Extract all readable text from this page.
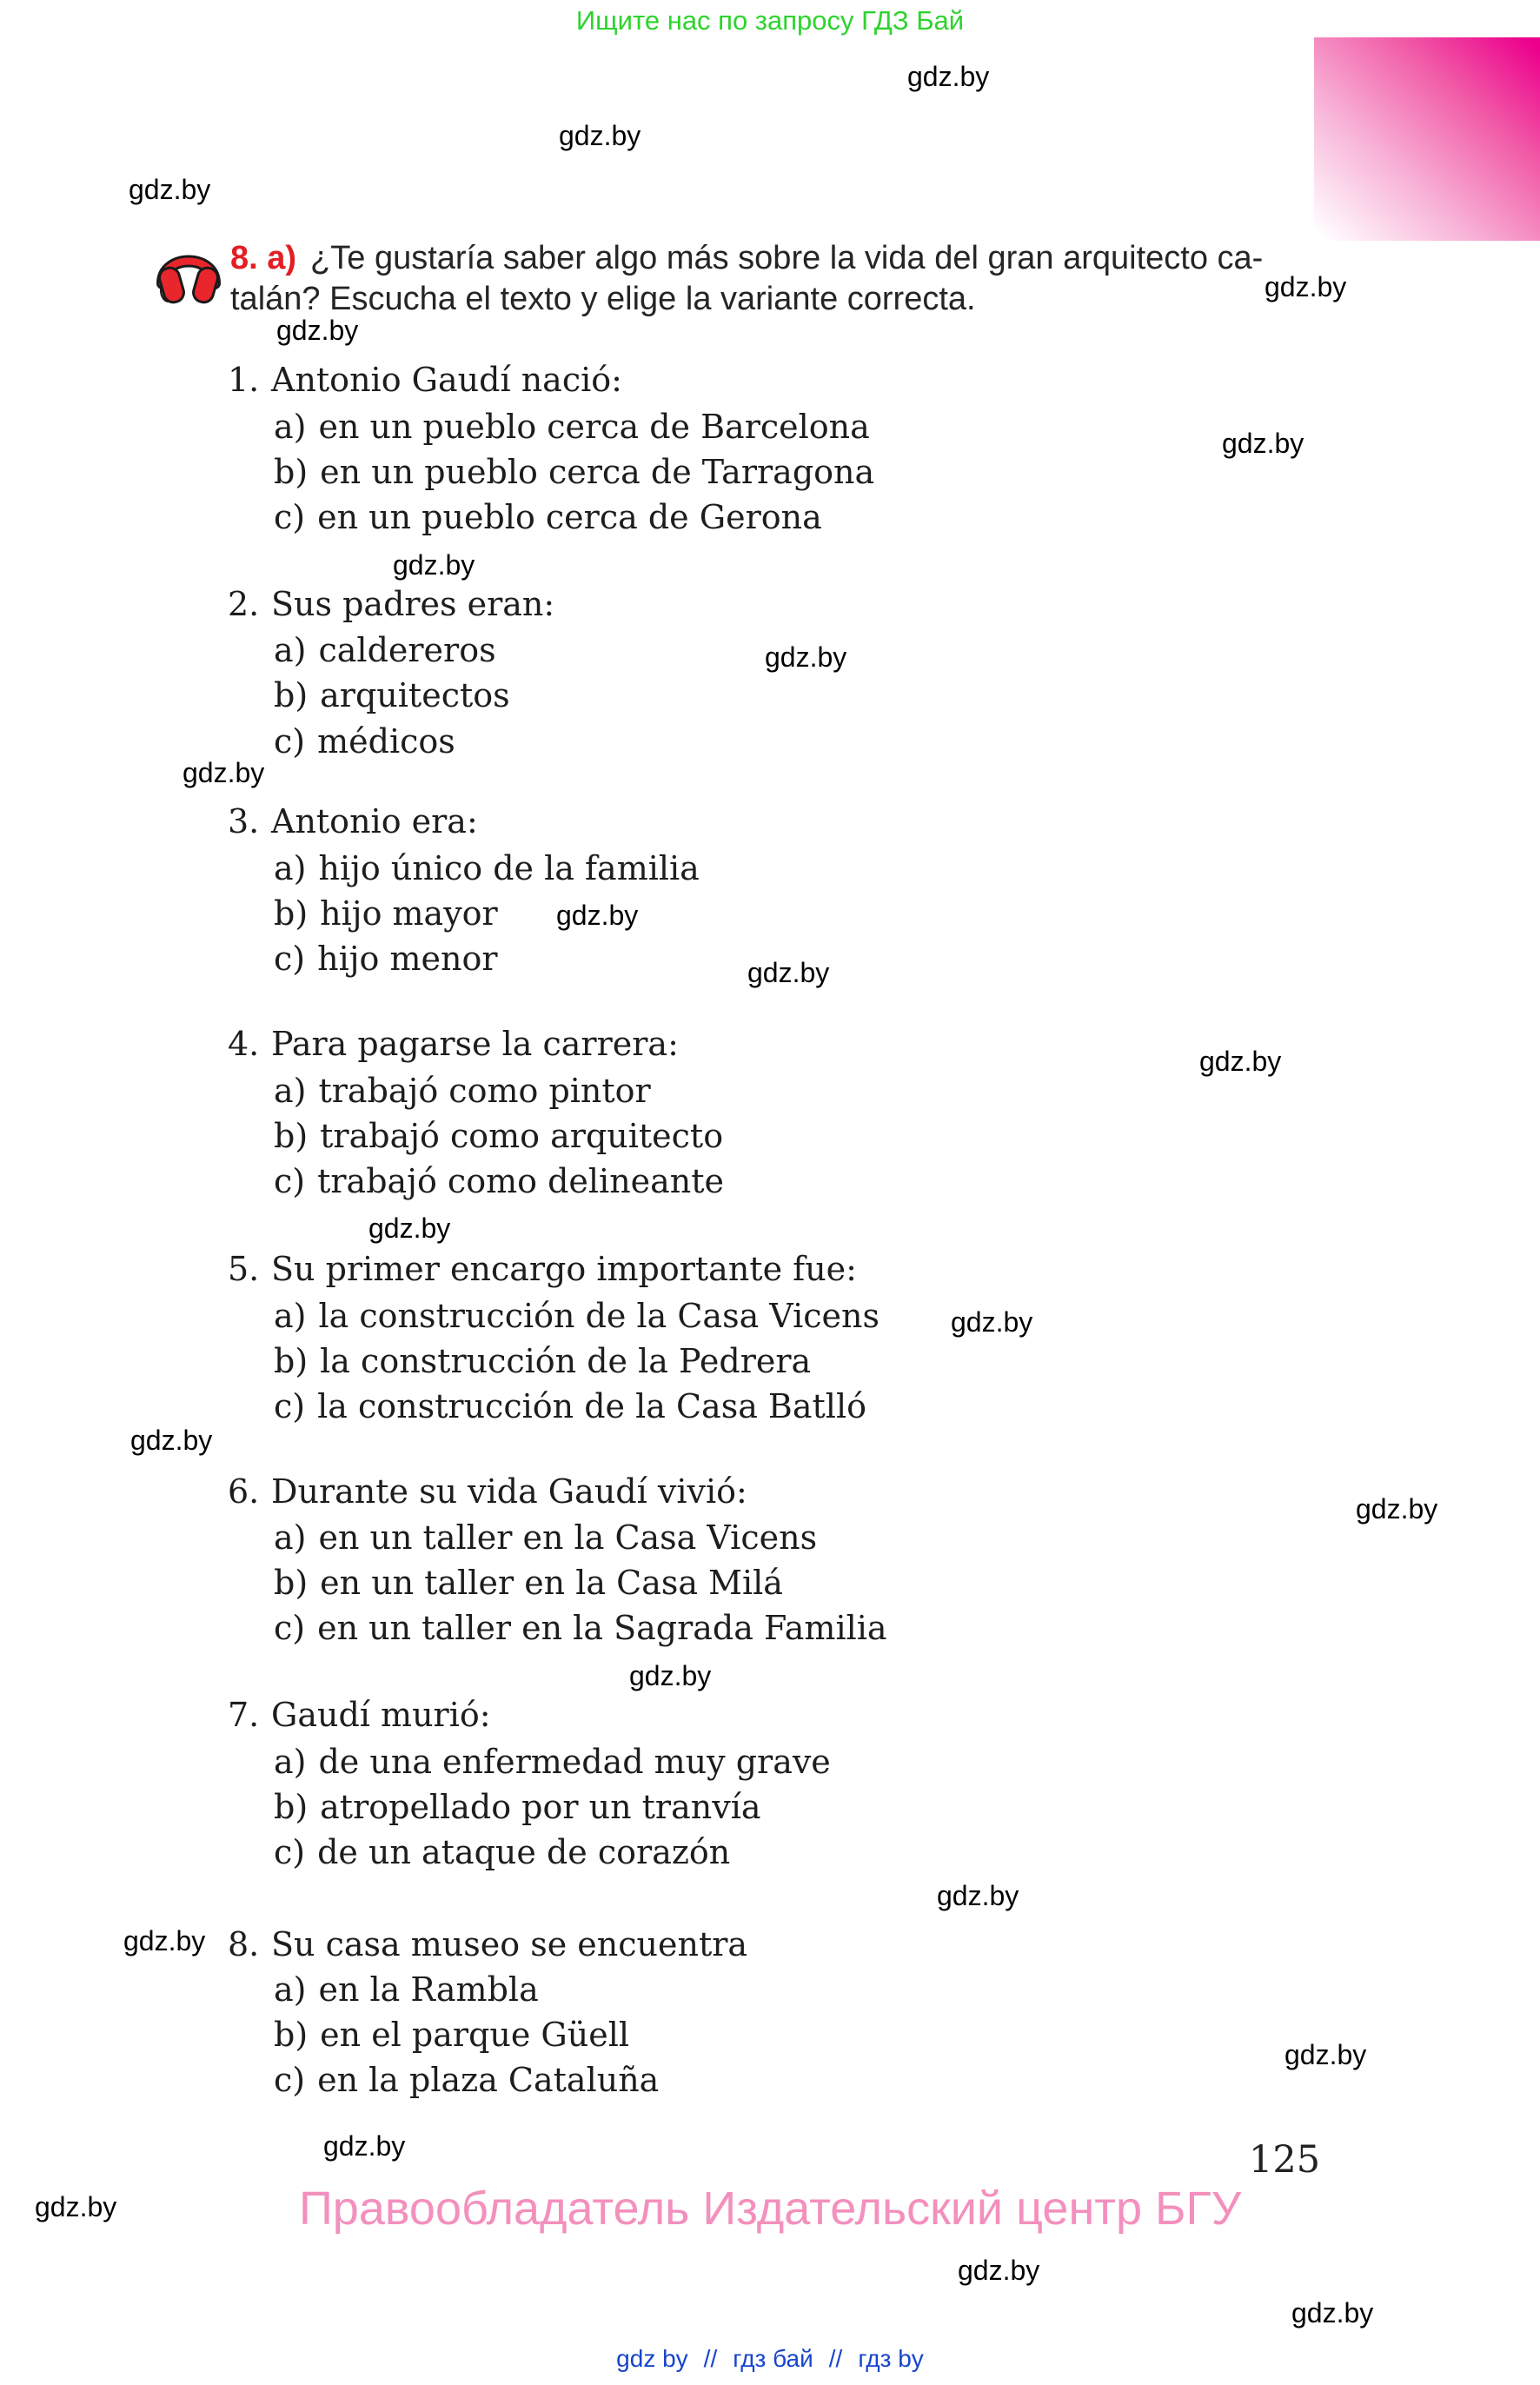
Ищите нас по запросу ГДЗ Бай
gdz.by
gdz.by
gdz.by
gdz.by
gdz.by
gdz.by
gdz.by
gdz.by
gdz.by
gdz.by
gdz.by
gdz.by
gdz.by
gdz.by
gdz.by
gdz.by
gdz.by
gdz.by
gdz.by
gdz.by
gdz.by
gdz.by
gdz.by
gdz.by
8. a) ¿Te gustaría saber algo más sobre la vida del gran arquitecto ca-
talán? Escucha el texto y elige la variante correcta.
1. Antonio Gaudí nació:
a) en un pueblo cerca de Barcelona
b) en un pueblo cerca de Tarragona
c) en un pueblo cerca de Gerona
2. Sus padres eran:
a) caldereros
b) arquitectos
c) médicos
3. Antonio era:
a) hijo único de la familia
b) hijo mayor
c) hijo menor
4. Para pagarse la carrera:
a) trabajó como pintor
b) trabajó como arquitecto
c) trabajó como delineante
5. Su primer encargo importante fue:
a) la construcción de la Casa Vicens
b) la construcción de la Pedrera
c) la construcción de la Casa Batlló
6. Durante su vida Gaudí vivió:
a) en un taller en la Casa Vicens
b) en un taller en la Casa Milá
c) en un taller en la Sagrada Familia
7. Gaudí murió:
a) de una enfermedad muy grave
b) atropellado por un tranvía
c) de un ataque de corazón
8. Su casa museo se encuentra
a) en la Rambla
b) en el parque Güell
c) en la plaza Cataluña
125
Правообладатель Издательский центр БГУ
gdz by // гдз бай // гдз by
